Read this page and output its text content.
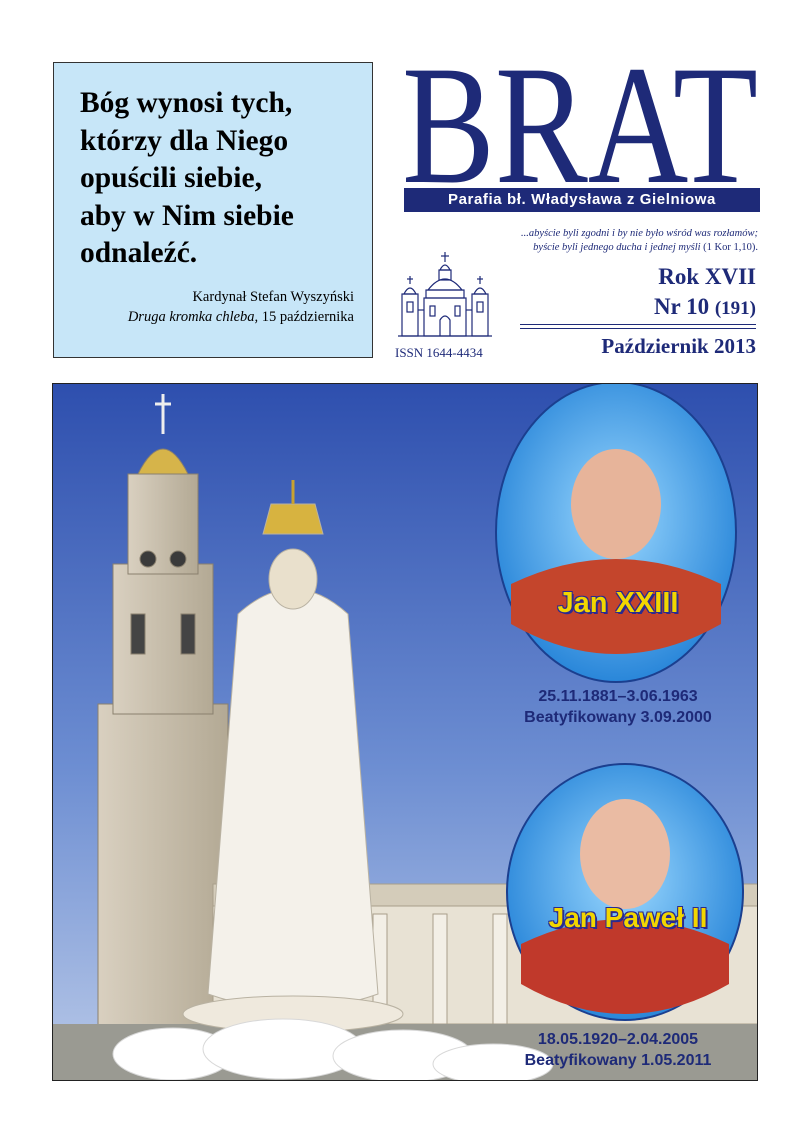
Bóg wynosi tych,
którzy dla Niego
opuścili siebie,
aby w Nim siebie
odnaleźć.

Kardynał Stefan Wyszyński
Druga kromka chleba, 15 października
BRAT
Parafia bł. Władysława z Gielniowa
...abyście byli zgodni i by nie było wśród was rozłamów;
byście byli jednego ducha i jednej myśli (1 Kor 1,10).
ISSN 1644-4434
Rok XVII
Nr 10 (191)
Październik 2013
Jan XXIII
25.11.1881–3.06.1963
Beatyfikowany 3.09.2000
Jan Paweł II
18.05.1920–2.04.2005
Beatyfikowany 1.05.2011
